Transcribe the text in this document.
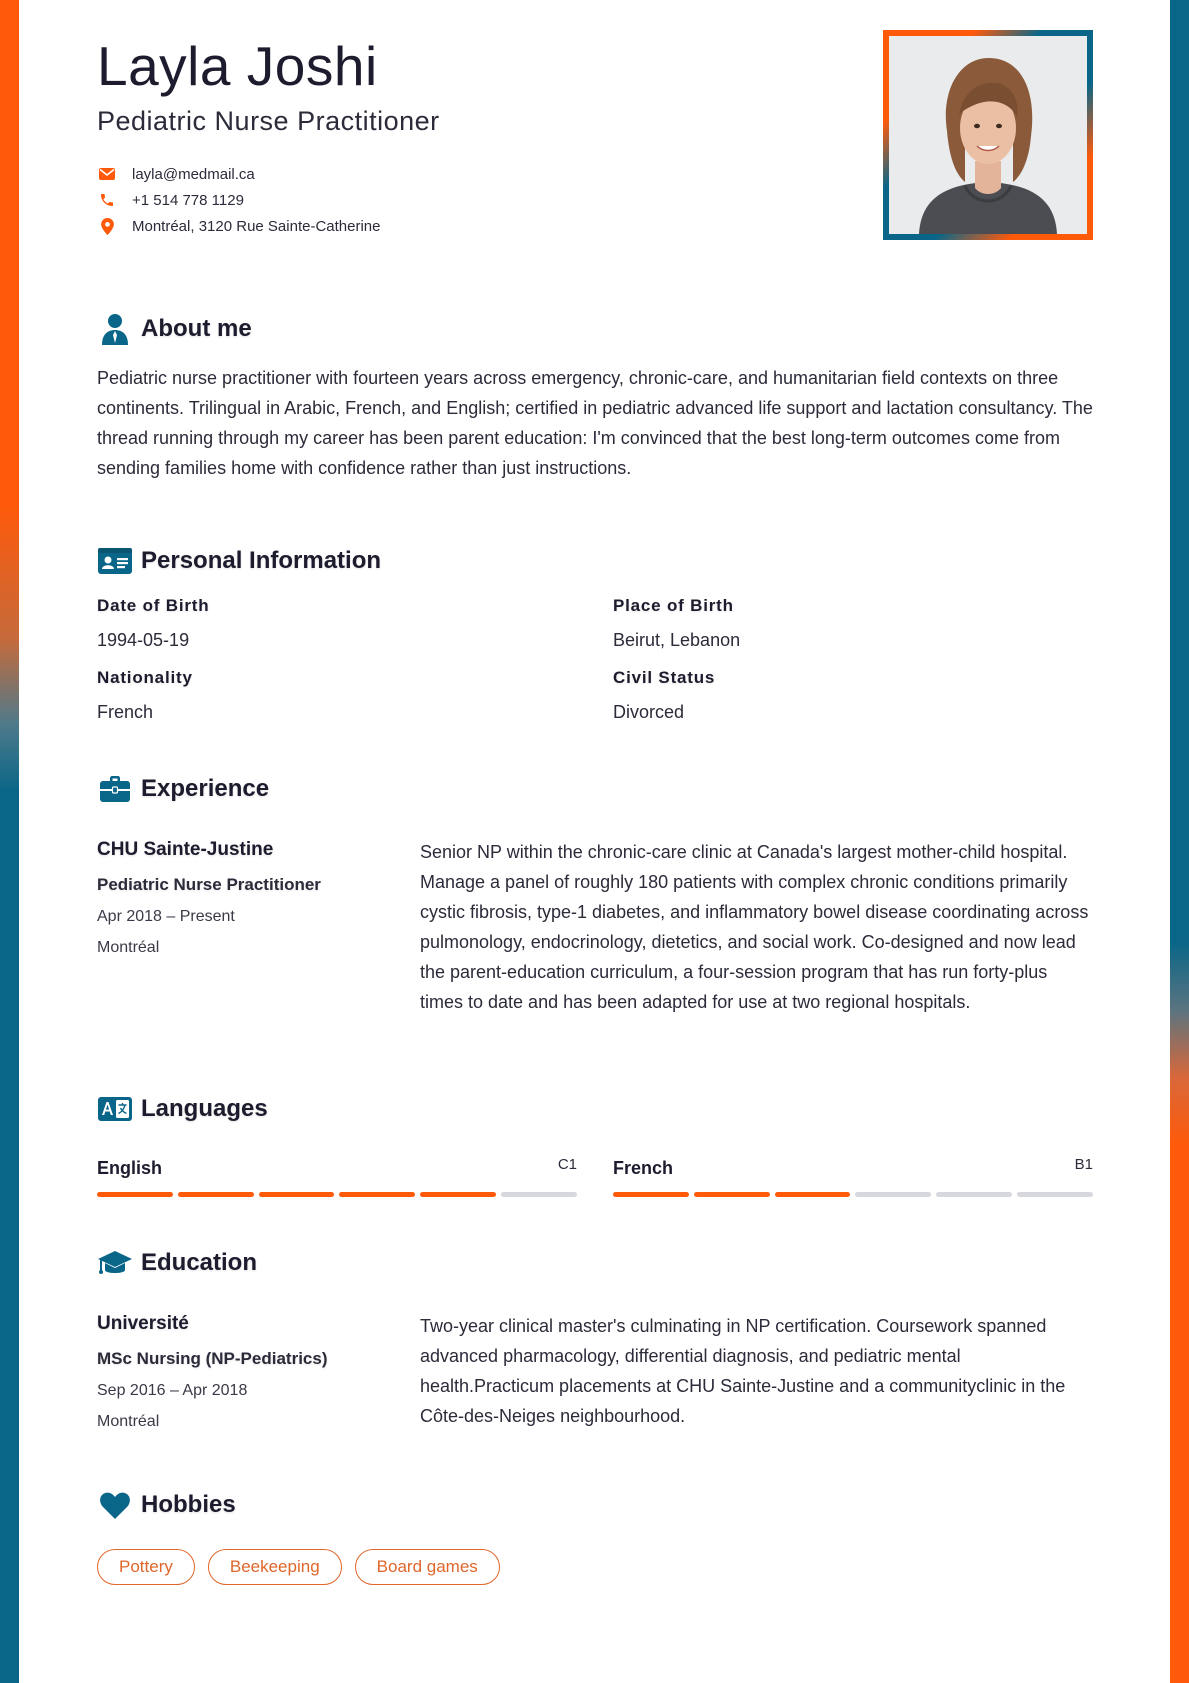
Layla Joshi
Pediatric Nurse Practitioner
layla@medmail.ca
+1 514 778 1129
Montréal, 3120 Rue Sainte-Catherine
About me
Pediatric nurse practitioner with fourteen years across emergency, chronic-care, and humanitarian field contexts on three continents. Trilingual in Arabic, French, and English; certified in pediatric advanced life support and lactation consultancy. The thread running through my career has been parent education: I'm convinced that the best long-term outcomes come from sending families home with confidence rather than just instructions.
Personal Information
Date of Birth
1994-05-19
Place of Birth
Beirut, Lebanon
Nationality
French
Civil Status
Divorced
Experience
CHU Sainte-Justine
Pediatric Nurse Practitioner
Apr 2018 – Present
Montréal
Senior NP within the chronic-care clinic at Canada's largest mother-child hospital. Manage a panel of roughly 180 patients with complex chronic conditions primarily cystic fibrosis, type-1 diabetes, and inflammatory bowel disease coordinating across pulmonology, endocrinology, dietetics, and social work. Co-designed and now lead the parent-education curriculum, a four-session program that has run forty-plus times to date and has been adapted for use at two regional hospitals.
Languages
English	C1 French	B1
Education
Université
MSc Nursing (NP-Pediatrics)
Sep 2016 – Apr 2018
Montréal
Two-year clinical master's culminating in NP certification. Coursework spanned advanced pharmacology, differential diagnosis, and pediatric mental health.Practicum placements at CHU Sainte-Justine and a communityclinic in the Côte-des-Neiges neighbourhood.
Hobbies
Pottery	Beekeeping	Board games
